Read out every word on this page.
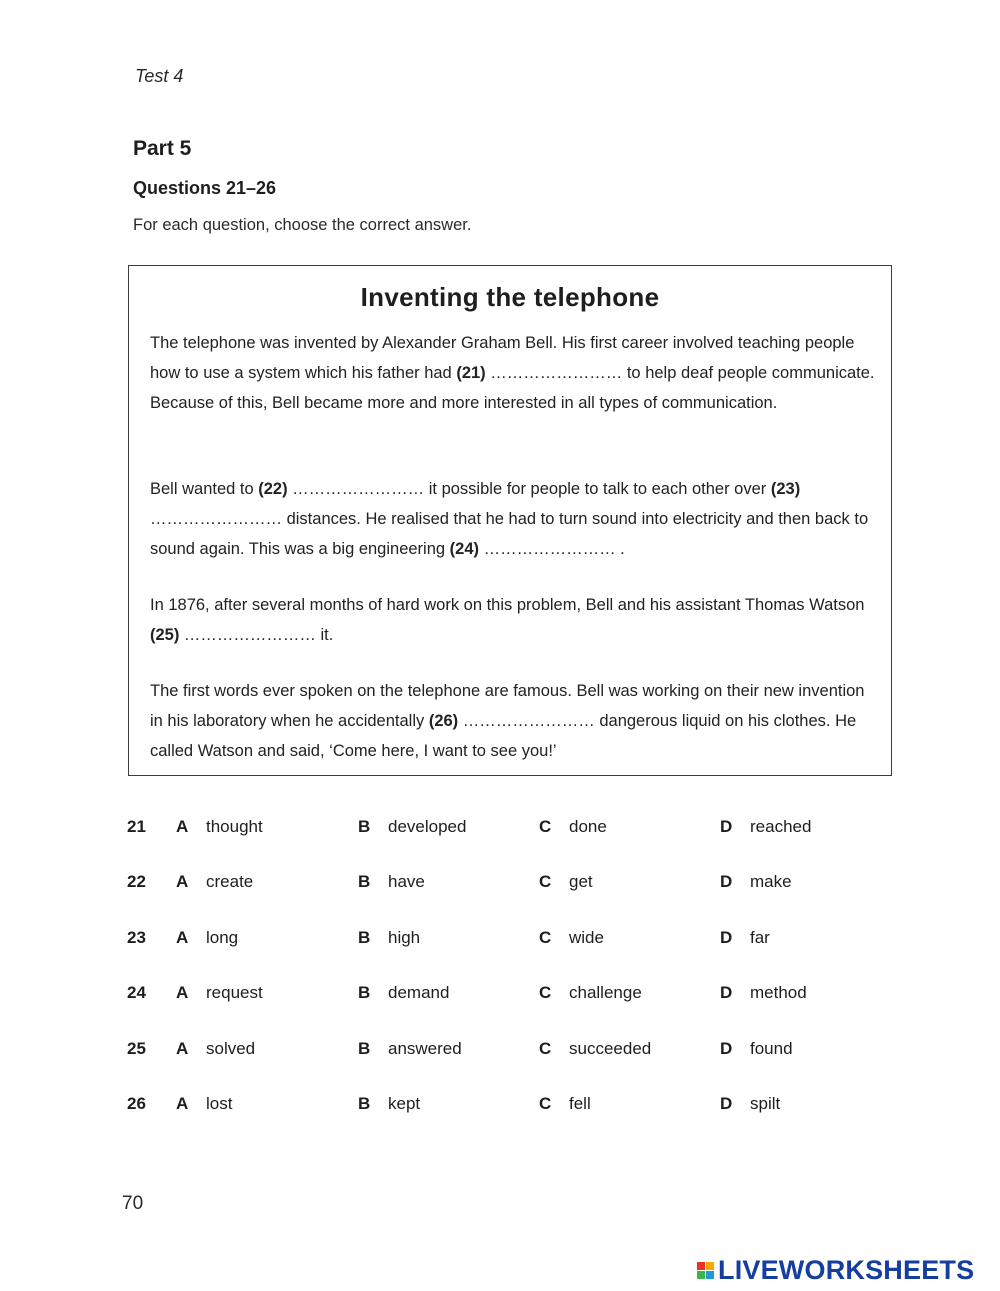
Test 4
Part 5
Questions 21–26
For each question, choose the correct answer.
Inventing the telephone
The telephone was invented by Alexander Graham Bell. His first career involved teaching people how to use a system which his father had (21) …………………… to help deaf people communicate. Because of this, Bell became more and more interested in all types of communication.
Bell wanted to (22) …………………… it possible for people to talk to each other over (23) …………………… distances. He realised that he had to turn sound into electricity and then back to sound again. This was a big engineering (24) …………………… .
In 1876, after several months of hard work on this problem, Bell and his assistant Thomas Watson (25) …………………… it.
The first words ever spoken on the telephone are famous. Bell was working on their new invention in his laboratory when he accidentally (26) …………………… dangerous liquid on his clothes. He called Watson and said, ‘Come here, I want to see you!’
21 A thought	B developed	C done	D reached
22 A create	B have	C get	D make
23 A long	B high	C wide	D far
24 A request	B demand	C challenge	D method
25 A solved	B answered	C succeeded	D found
26 A lost	B kept	C fell	D spilt
70
LIVEWORKSHEETS
